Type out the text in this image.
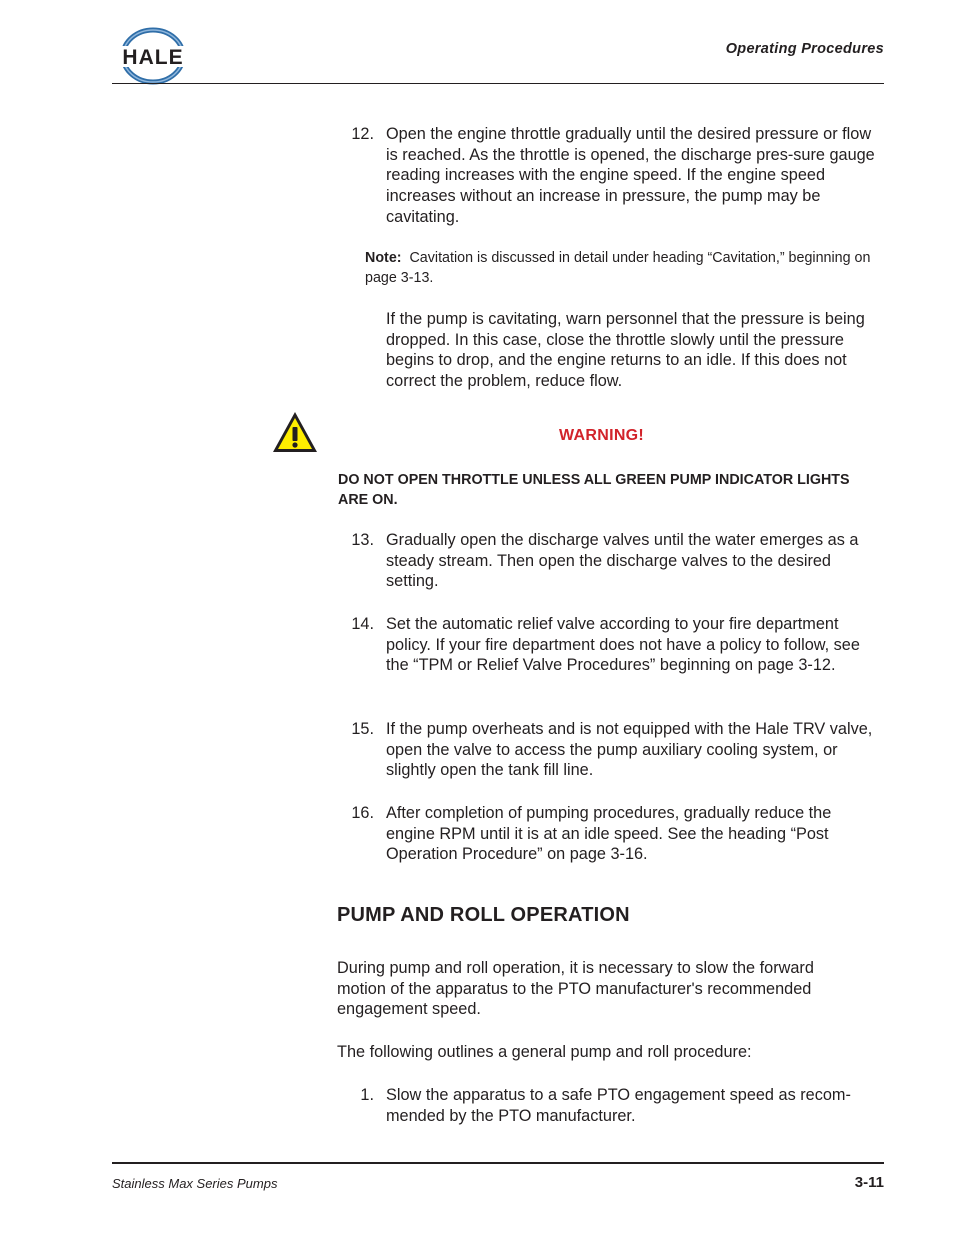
HALE	Operating Procedures
12. Open the engine throttle gradually until the desired pressure or flow is reached. As the throttle is opened, the discharge pres-sure gauge reading increases with the engine speed. If the engine speed increases without an increase in pressure, the pump may be cavitating.
Note: Cavitation is discussed in detail under heading “Cavitation,” beginning on page 3-13.
If the pump is cavitating, warn personnel that the pressure is being dropped. In this case, close the throttle slowly until the pressure begins to drop, and the engine returns to an idle. If this does not correct the problem, reduce flow.
WARNING!
DO NOT OPEN THROTTLE UNLESS ALL GREEN PUMP INDICATOR LIGHTS ARE ON.
13. Gradually open the discharge valves until the water emerges as a steady stream. Then open the discharge valves to the desired setting.
14. Set the automatic relief valve according to your fire department policy. If your fire department does not have a policy to follow, see the “TPM or Relief Valve Procedures” beginning on page 3-12.
15. If the pump overheats and is not equipped with the Hale TRV valve, open the valve to access the pump auxiliary cooling system, or slightly open the tank fill line.
16. After completion of pumping procedures, gradually reduce the engine RPM until it is at an idle speed. See the heading “Post Operation Procedure” on page 3-16.
PUMP AND ROLL OPERATION
During pump and roll operation, it is necessary to slow the forward motion of the apparatus to the PTO manufacturer's recommended engagement speed.
The following outlines a general pump and roll procedure:
1. Slow the apparatus to a safe PTO engagement speed as recom-mended by the PTO manufacturer.
Stainless Max Series Pumps	3-11
